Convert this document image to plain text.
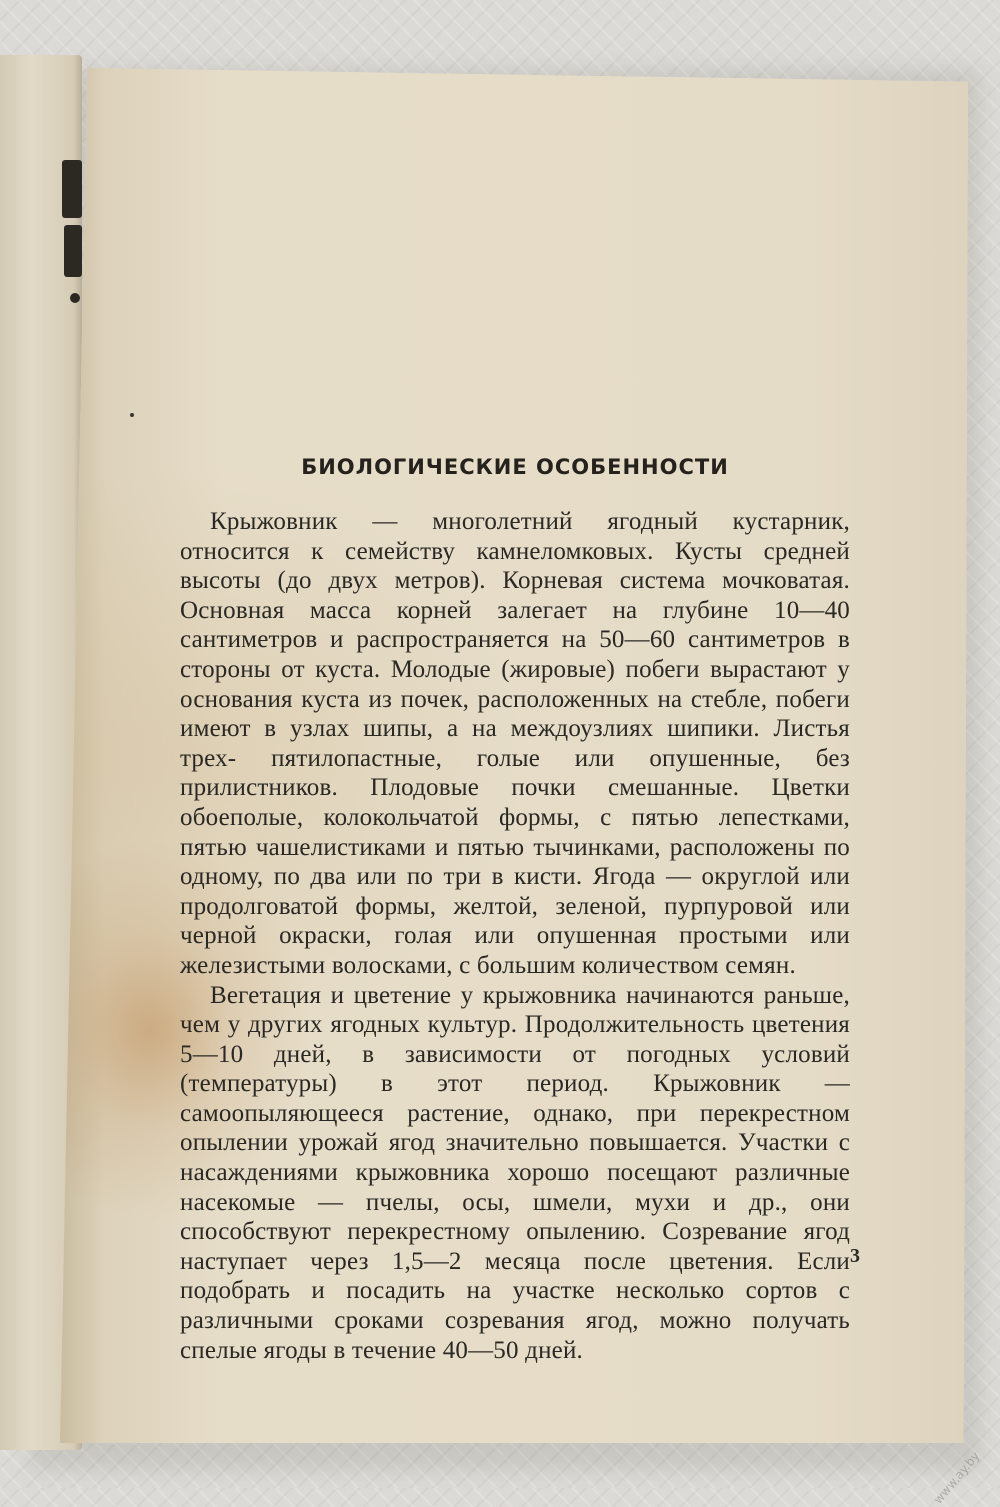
БИОЛОГИЧЕСКИЕ ОСОБЕННОСТИ

Крыжовник — многолетний ягодный кустарник, относится к семейству камнеломковых. Кусты средней высоты (до двух метров). Корневая система мочковатая. Основная масса корней залегает на глубине 10—40 сантиметров и распространяется на 50—60 сантиметров в стороны от куста. Молодые (жировые) побеги вырастают у основания куста из почек, расположенных на стебле, побеги имеют в узлах шипы, а на междоузлиях шипики. Листья трех- пятилопастные, голые или опушенные, без прилистников. Плодовые почки смешанные. Цветки обоеполые, колокольчатой формы, с пятью лепестками, пятью чашелистиками и пятью тычинками, расположены по одному, по два или по три в кисти. Ягода — округлой или продолговатой формы, желтой, зеленой, пурпуровой или черной окраски, голая или опушенная простыми или железистыми волосками, с большим количеством семян.

Вегетация и цветение у крыжовника начинаются раньше, чем у других ягодных культур. Продолжительность цветения 5—10 дней, в зависимости от погодных условий (температуры) в этот период. Крыжовник — самоопыляющееся растение, однако, при перекрестном опылении урожай ягод значительно повышается. Участки с насаждениями крыжовника хорошо посещают различные насекомые — пчелы, осы, шмели, мухи и др., они способствуют перекрестному опылению. Созревание ягод наступает через 1,5—2 месяца после цветения. Если подобрать и посадить на участке несколько сортов с различными сроками созревания ягод, можно получать спелые ягоды в течение 40—50 дней.

3
www.ay.by
